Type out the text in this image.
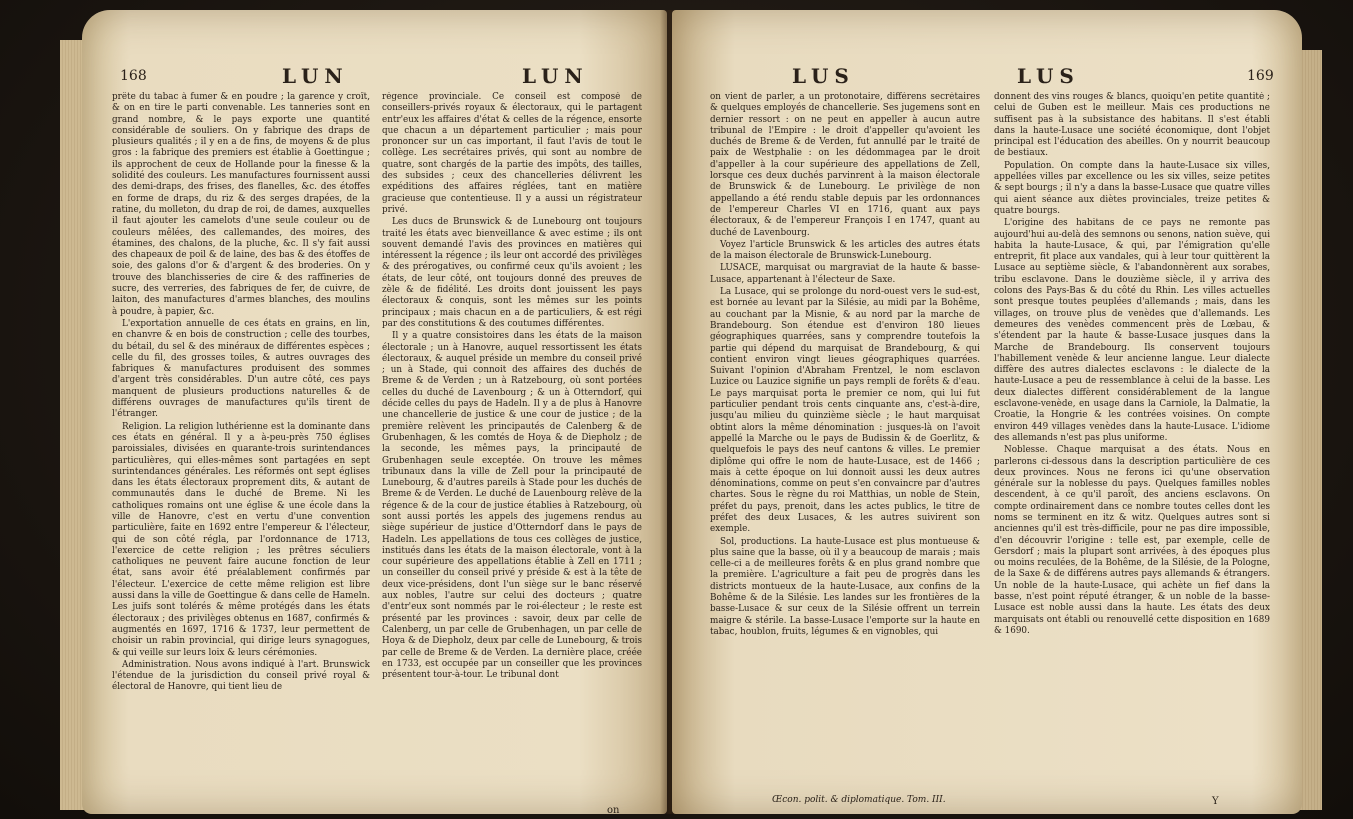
168	LUN	LUN

prête du tabac à fumer & en poudre ; la garence y croît, & on en tire le parti convenable. Les tanneries sont en grand nombre, & le pays exporte une quantité considérable de souliers. On y fabrique des draps de plusieurs qualités ; il y en a de fins, de moyens & de plus gros : la fabrique des premiers est établie à Goettingue ; ils approchent de ceux de Hollande pour la finesse & la solidité des couleurs. Les manufactures fournissent aussi des demi-draps, des frises, des flanelles, &c. des étoffes en forme de draps, du riz & des serges drapées, de la ratine, du molleton, du drap de roi, de dames, auxquelles il faut ajouter les camelots d'une seule couleur ou de couleurs mêlées, des callemandes, des moires, des étamines, des chalons, de la pluche, &c. Il s'y fait aussi des chapeaux de poil & de laine, des bas & des étoffes de soie, des galons d'or & d'argent & des broderies. On y trouve des blanchisseries de cire & des raffineries de sucre, des verreries, des fabriques de fer, de cuivre, de laiton, des manufactures d'armes blanches, des moulins à poudre, à papier, &c.

L'exportation annuelle de ces états en grains, en lin, en chanvre & en bois de construction ; celle des tourbes, du bétail, du sel & des minéraux de différentes espèces ; celle du fil, des grosses toiles, & autres ouvrages des fabriques & manufactures produisent des sommes d'argent très considérables. D'un autre côté, ces pays manquent de plusieurs productions naturelles & de différens ouvrages de manufactures qu'ils tirent de l'étranger.

Religion. La religion luthérienne est la dominante dans ces états en général. Il y a à-peu-près 750 églises paroissiales, divisées en quarante-trois surintendances particulières, qui elles-mêmes sont partagées en sept surintendances générales. Les réformés ont sept églises dans les états électoraux proprement dits, & autant de communautés dans le duché de Breme. Ni les catholiques romains ont une église & une école dans la ville de Hanovre, c'est en vertu d'une convention particulière, faite en 1692 entre l'empereur & l'électeur, qui de son côté régla, par l'ordonnance de 1713, l'exercice de cette religion ; les prêtres séculiers catholiques ne peuvent faire aucune fonction de leur état, sans avoir été préalablement confirmés par l'électeur. L'exercice de cette même religion est libre aussi dans la ville de Goettingue & dans celle de Hameln. Les juifs sont tolérés & même protégés dans les états électoraux ; des privilèges obtenus en 1687, confirmés & augmentés en 1697, 1716 & 1737, leur permettent de choisir un rabin provincial, qui dirige leurs synagogues, & qui veille sur leurs loix & leurs cérémonies.

Administration. Nous avons indiqué à l'art. Brunswick l'étendue de la jurisdiction du conseil privé royal & électoral de Hanovre, qui tient lieu de

régence provinciale. Ce conseil est composé de conseillers-privés royaux & électoraux, qui le partagent entr'eux les affaires d'état & celles de la régence, ensorte que chacun a un département particulier ; mais pour prononcer sur un cas important, il faut l'avis de tout le collège. Les secrétaires privés, qui sont au nombre de quatre, sont chargés de la partie des impôts, des tailles, des subsides ; ceux des chancelleries délivrent les expéditions des affaires réglées, tant en matière gracieuse que contentieuse. Il y a aussi un régistrateur privé.

Les ducs de Brunswick & de Lunebourg ont toujours traité les états avec bienveillance & avec estime ; ils ont souvent demandé l'avis des provinces en matières qui intéressent la régence ; ils leur ont accordé des privilèges & des prérogatives, ou confirmé ceux qu'ils avoient ; les états, de leur côté, ont toujours donné des preuves de zèle & de fidélité. Les droits dont jouissent les pays électoraux & conquis, sont les mêmes sur les points principaux ; mais chacun en a de particuliers, & est régi par des constitutions & des coutumes différentes.

Il y a quatre consistoires dans les états de la maison électorale ; un à Hanovre, auquel ressortissent les états électoraux, & auquel préside un membre du conseil privé ; un à Stade, qui connoit des affaires des duchés de Breme & de Verden ; un à Ratzebourg, où sont portées celles du duché de Lavenbourg ; & un à Otterndorf, qui décide celles du pays de Hadeln. Il y a de plus à Hanovre une chancellerie de justice & une cour de justice ; de la première relèvent les principautés de Calenberg & de Grubenhagen, & les comtés de Hoya & de Diepholz ; de la seconde, les mêmes pays, la principauté de Grubenhagen seule exceptée. On trouve les mêmes tribunaux dans la ville de Zell pour la principauté de Lunebourg, & d'autres pareils à Stade pour les duchés de Breme & de Verden. Le duché de Lauenbourg relève de la régence & de la cour de justice établies à Ratzebourg, où sont aussi portés les appels des jugemens rendus au siège supérieur de justice d'Otterndorf dans le pays de Hadeln. Les appellations de tous ces collèges de justice, institués dans les états de la maison électorale, vont à la cour supérieure des appellations établie à Zell en 1711 ; un conseiller du conseil privé y préside & est à la tête de deux vice-présidens, dont l'un siège sur le banc réservé aux nobles, l'autre sur celui des docteurs ; quatre d'entr'eux sont nommés par le roi-électeur ; le reste est présenté par les provinces : savoir, deux par celle de Calenberg, un par celle de Grubenhagen, un par celle de Hoya & de Diepholz, deux par celle de Lunebourg, & trois par celle de Breme & de Verden. La dernière place, créée en 1733, est occupée par un conseiller que les provinces présentent tour-à-tour. Le tribunal dont

on
LUS	LUS	169

on vient de parler, a un protonotaire, différens secrétaires & quelques employés de chancellerie. Ses jugemens sont en dernier ressort : on ne peut en appeller à aucun autre tribunal de l'Empire : le droit d'appeller qu'avoient les duchés de Breme & de Verden, fut annullé par le traité de paix de Westphalie : on les dédommagea par le droit d'appeller à la cour supérieure des appellations de Zell, lorsque ces deux duchés parvinrent à la maison électorale de Brunswick & de Lunebourg. Le privilège de non appellando a été rendu stable depuis par les ordonnances de l'empereur Charles VI en 1716, quant aux pays électoraux, & de l'empereur François I en 1747, quant au duché de Lavenbourg.

Voyez l'article Brunswick & les articles des autres états de la maison électorale de Brunswick-Lunebourg.

LUSACE, marquisat ou margraviat de la haute & basse-Lusace, appartenant à l'électeur de Saxe.

La Lusace, qui se prolonge du nord-ouest vers le sud-est, est bornée au levant par la Silésie, au midi par la Bohême, au couchant par la Misnie, & au nord par la marche de Brandebourg. Son étendue est d'environ 180 lieues géographiques quarrées, sans y comprendre toutefois la partie qui dépend du marquisat de Brandebourg, & qui contient environ vingt lieues géographiques quarrées. Suivant l'opinion d'Abraham Frentzel, le nom esclavon Luzice ou Lauzice signifie un pays rempli de forêts & d'eau. Le pays marquisat porta le premier ce nom, qui lui fut particulier pendant trois cents cinquante ans, c'est-à-dire, jusqu'au milieu du quinzième siècle ; le haut marquisat obtint alors la même dénomination : jusques-là on l'avoit appellé la Marche ou le pays de Budissin & de Goerlitz, & quelquefois le pays des neuf cantons & villes. Le premier diplôme qui offre le nom de haute-Lusace, est de 1466 ; mais à cette époque on lui donnoit aussi les deux autres dénominations, comme on peut s'en convaincre par d'autres chartes. Sous le règne du roi Matthias, un noble de Stein, préfet du pays, prenoit, dans les actes publics, le titre de préfet des deux Lusaces, & les autres suivirent son exemple.

Sol, productions. La haute-Lusace est plus montueuse & plus saine que la basse, où il y a beaucoup de marais ; mais celle-ci a de meilleures forêts & en plus grand nombre que la première. L'agriculture a fait peu de progrès dans les districts montueux de la haute-Lusace, aux confins de la Bohême & de la Silésie. Les landes sur les frontières de la basse-Lusace & sur ceux de la Silésie offrent un terrein maigre & stérile. La basse-Lusace l'emporte sur la haute en tabac, houblon, fruits, légumes & en vignobles, qui

donnent des vins rouges & blancs, quoiqu'en petite quantité ; celui de Guben est le meilleur. Mais ces productions ne suffisent pas à la subsistance des habitans. Il s'est établi dans la haute-Lusace une société économique, dont l'objet principal est l'éducation des abeilles. On y nourrit beaucoup de bestiaux.

Population. On compte dans la haute-Lusace six villes, appellées villes par excellence ou les six villes, seize petites & sept bourgs ; il n'y a dans la basse-Lusace que quatre villes qui aient séance aux diètes provinciales, treize petites & quatre bourgs.

L'origine des habitans de ce pays ne remonte pas aujourd'hui au-delà des semnons ou senons, nation suève, qui habita la haute-Lusace, & qui, par l'émigration qu'elle entreprit, fit place aux vandales, qui à leur tour quittèrent la Lusace au septième siècle, & l'abandonnèrent aux sorabes, tribu esclavone. Dans le douzième siècle, il y arriva des colons des Pays-Bas & du côté du Rhin. Les villes actuelles sont presque toutes peuplées d'allemands ; mais, dans les villages, on trouve plus de venèdes que d'allemands. Les demeures des venèdes commencent près de Lœbau, & s'étendent par la haute & basse-Lusace jusques dans la Marche de Brandebourg. Ils conservent toujours l'habillement venède & leur ancienne langue. Leur dialecte diffère des autres dialectes esclavons : le dialecte de la haute-Lusace a peu de ressemblance à celui de la basse. Les deux dialectes diffèrent considérablement de la langue esclavone-venède, en usage dans la Carniole, la Dalmatie, la Croatie, la Hongrie & les contrées voisines. On compte environ 449 villages venèdes dans la haute-Lusace. L'idiome des allemands n'est pas plus uniforme.

Noblesse. Chaque marquisat a des états. Nous en parlerons ci-dessous dans la description particulière de ces deux provinces. Nous ne ferons ici qu'une observation générale sur la noblesse du pays. Quelques familles nobles descendent, à ce qu'il paroît, des anciens esclavons. On compte ordinairement dans ce nombre toutes celles dont les noms se terminent en itz & witz. Quelques autres sont si anciennes qu'il est très-difficile, pour ne pas dire impossible, d'en découvrir l'origine : telle est, par exemple, celle de Gersdorf ; mais la plupart sont arrivées, à des époques plus ou moins reculées, de la Bohême, de la Silésie, de la Pologne, de la Saxe & de différens autres pays allemands & étrangers. Un noble de la haute-Lusace, qui achète un fief dans la basse, n'est point réputé étranger, & un noble de la basse-Lusace est noble aussi dans la haute. Les états des deux marquisats ont établi ou renouvellé cette disposition en 1689 & 1690.

Œcon. polit. & diplomatique. Tom. III.	Y
